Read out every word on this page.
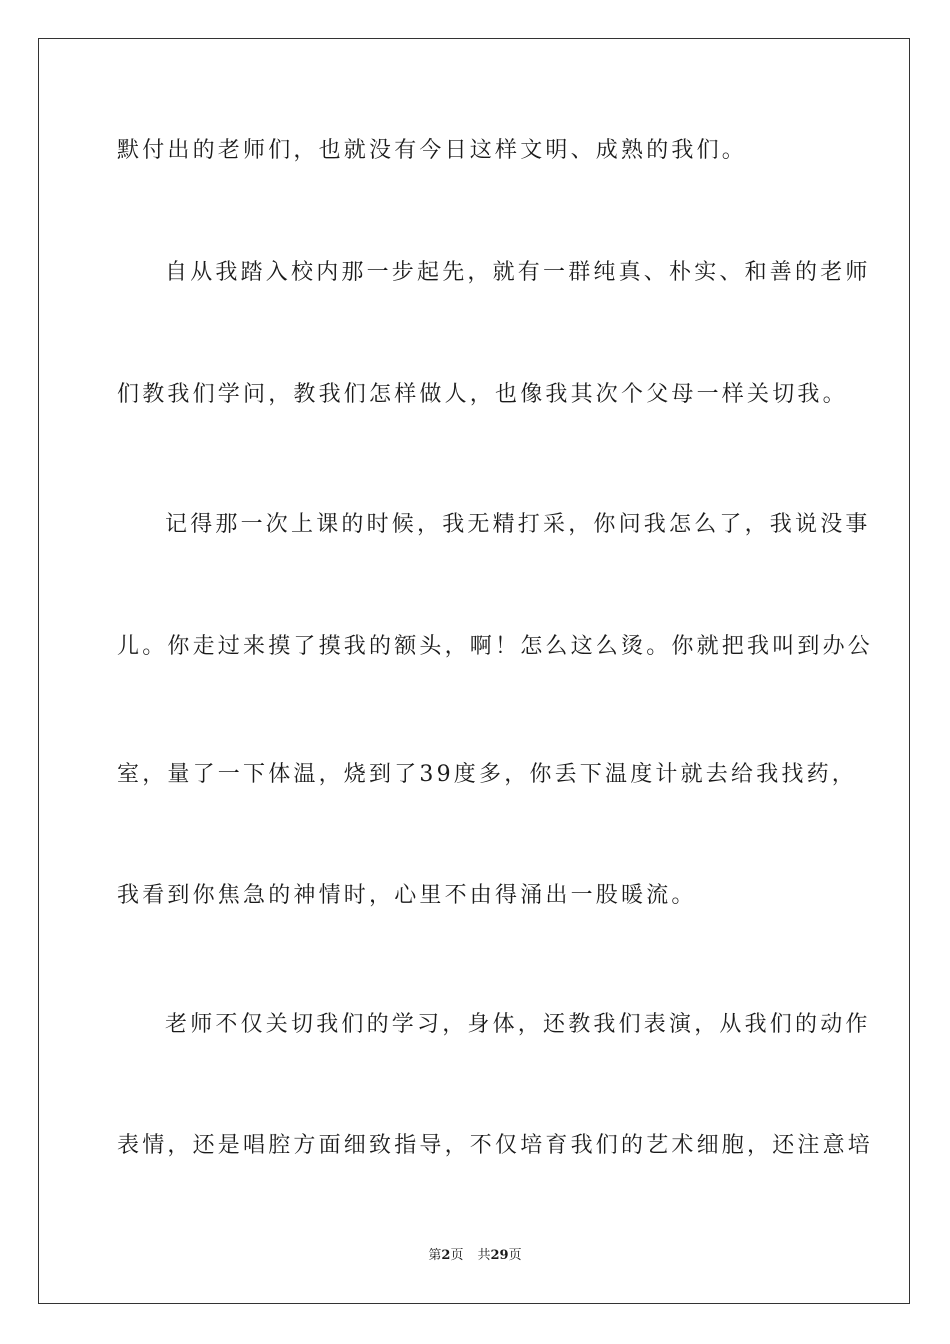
默付出的老师们，也就没有今日这样文明、成熟的我们。
自从我踏入校内那一步起先，就有一群纯真、朴实、和善的老师
们教我们学问，教我们怎样做人，也像我其次个父母一样关切我。
记得那一次上课的时候，我无精打采，你问我怎么了，我说没事
儿。你走过来摸了摸我的额头，啊！怎么这么烫。你就把我叫到办公
室，量了一下体温，烧到了39度多，你丢下温度计就去给我找药，
我看到你焦急的神情时，心里不由得涌出一股暖流。
老师不仅关切我们的学习，身体，还教我们表演，从我们的动作
表情，还是唱腔方面细致指导，不仅培育我们的艺术细胞，还注意培
第2页 共29页
